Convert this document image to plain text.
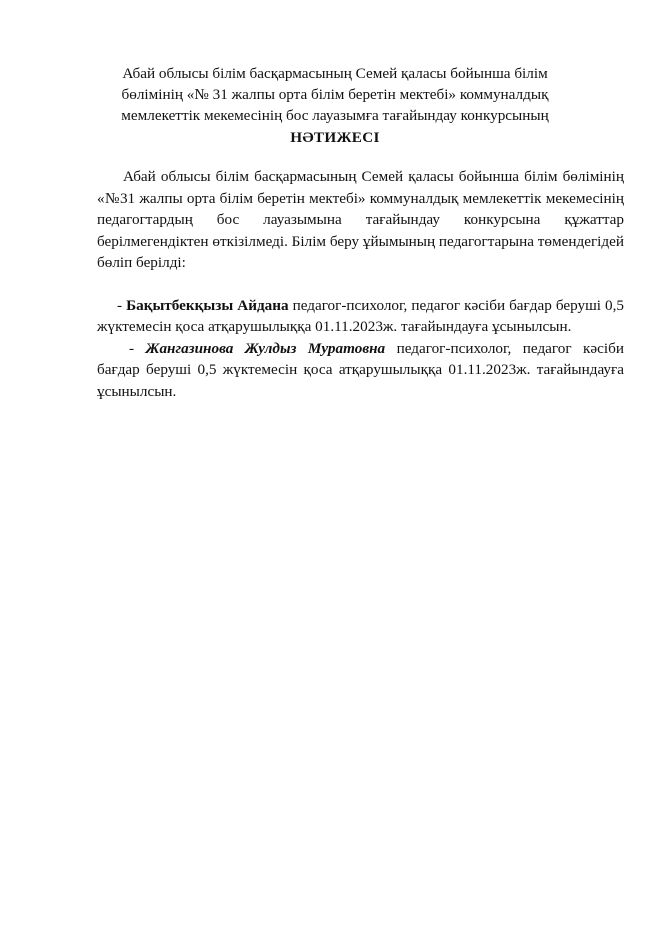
Абай облысы білім басқармасының Семей қаласы бойынша білім
бөлімінің «№ 31 жалпы орта білім беретін мектебі» коммуналдық
мемлекеттік мекемесінің бос лауазымға тағайындау конкурсының
НӘТИЖЕСІ

Абай облысы білім басқармасының Семей қаласы бойынша білім бөлімінің «№31 жалпы орта білім беретін мектебі» коммуналдық мемлекеттік мекемесінің педагогтардың бос лауазымына тағайындау конкурсына құжаттар берілмегендіктен өткізілмеді. Білім беру ұйымының педагогтарына төмендегідей бөліп берілді:

- Бақытбекқызы Айдана педагог-психолог, педагог кәсіби бағдар беруші 0,5 жүктемесін қоса атқарушылыққа 01.11.2023ж. тағайындауға ұсынылсын.

- Жангазинова Жулдыз Муратовна педагог-психолог, педагог кәсіби бағдар беруші 0,5 жүктемесін қоса атқарушылыққа 01.11.2023ж. тағайындауға ұсынылсын.
